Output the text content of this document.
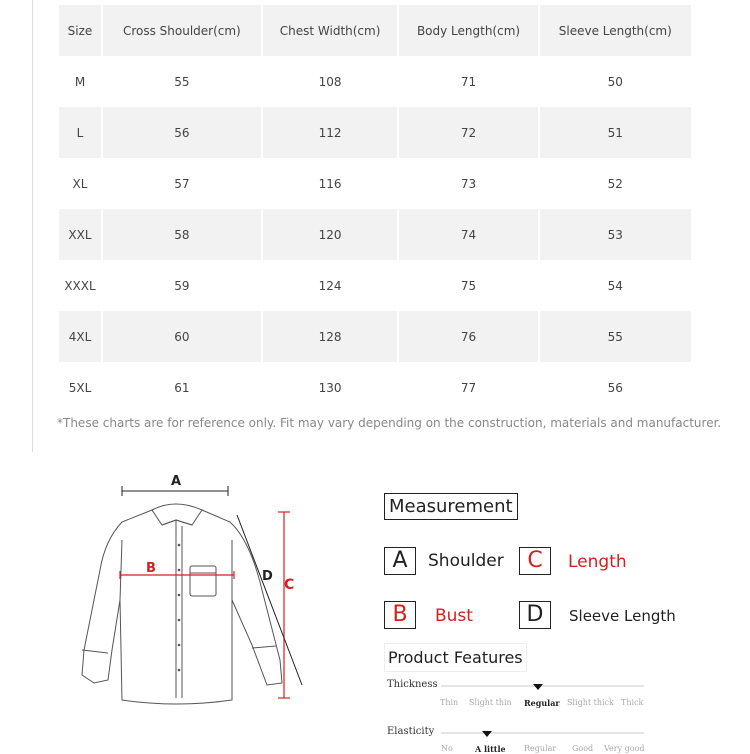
Size	Cross Shoulder(cm)	Chest Width(cm)	Body Length(cm)	Sleeve Length(cm)
M	55	108	71	50
L	56	112	72	51
XL	57	116	73	52
XXL	58	120	74	53
XXXL	59	124	75	54
4XL	60	128	76	55
5XL	61	130	77	56
*These charts are for reference only. Fit may vary depending on the construction, materials and manufacturer.
A
B
D
C
Measurement
A	Shoulder	C	Length
B	Bust	D	Sleeve Length
Product Features
Thickness
Thin Slight thin Regular Slight thick Thick
Elasticity
No	A little Regular Good Very good
